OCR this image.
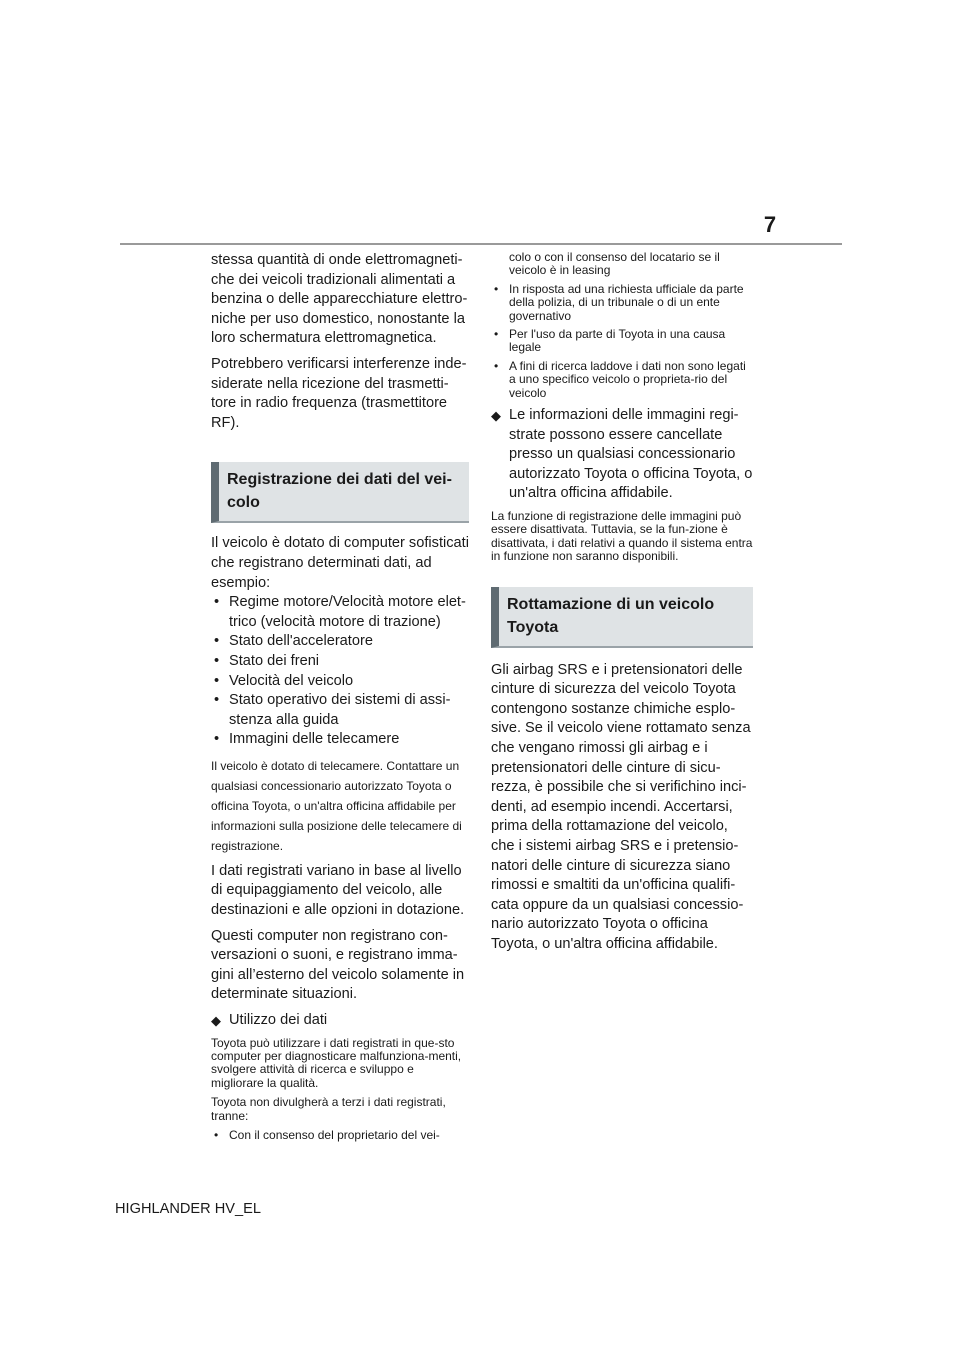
7

stessa quantità di onde elettromagneti-che dei veicoli tradizionali alimentati a benzina o delle apparecchiature elettro-niche per uso domestico, nonostante la loro schermatura elettromagnetica.

Potrebbero verificarsi interferenze inde-siderate nella ricezione del trasmetti-tore in radio frequenza (trasmettitore RF).

Registrazione dei dati del vei-colo

Il veicolo è dotato di computer sofisticati che registrano determinati dati, ad esempio:

• Regime motore/Velocità motore elet-trico (velocità motore di trazione)
• Stato dell'acceleratore
• Stato dei freni
• Velocità del veicolo
• Stato operativo dei sistemi di assi-stenza alla guida
• Immagini delle telecamere

Il veicolo è dotato di telecamere. Contattare un qualsiasi concessionario autorizzato Toyota o officina Toyota, o un'altra officina affidabile per informazioni sulla posizione delle telecamere di registrazione.

I dati registrati variano in base al livello di equipaggiamento del veicolo, alle destinazioni e alle opzioni in dotazione.

Questi computer non registrano con-versazioni o suoni, e registrano imma-gini all’esterno del veicolo solamente in determinate situazioni.

◆ Utilizzo dei dati

Toyota può utilizzare i dati registrati in que-sto computer per diagnosticare malfunziona-menti, svolgere attività di ricerca e sviluppo e migliorare la qualità.

Toyota non divulgherà a terzi i dati registrati, tranne:

• Con il consenso del proprietario del vei-

colo o con il consenso del locatario se il veicolo è in leasing

• In risposta ad una richiesta ufficiale da parte della polizia, di un tribunale o di un ente governativo
• Per l'uso da parte di Toyota in una causa legale
• A fini di ricerca laddove i dati non sono legati a uno specifico veicolo o proprieta-rio del veicolo
◆ Le informazioni delle immagini regi-strate possono essere cancellate presso un qualsiasi concessionario autorizzato Toyota o officina Toyota, o un'altra officina affidabile.

La funzione di registrazione delle immagini può essere disattivata. Tuttavia, se la fun-zione è disattivata, i dati relativi a quando il sistema entra in funzione non saranno disponibili.

Rottamazione di un veicolo Toyota

Gli airbag SRS e i pretensionatori delle cinture di sicurezza del veicolo Toyota contengono sostanze chimiche esplo-sive. Se il veicolo viene rottamato senza che vengano rimossi gli airbag e i pretensionatori delle cinture di sicu-rezza, è possibile che si verifichino inci-denti, ad esempio incendi. Accertarsi, prima della rottamazione del veicolo, che i sistemi airbag SRS e i pretensio-natori delle cinture di sicurezza siano rimossi e smaltiti da un'officina qualifi-cata oppure da un qualsiasi concessio-nario autorizzato Toyota o officina Toyota, o un'altra officina affidabile.

HIGHLANDER HV_EL
